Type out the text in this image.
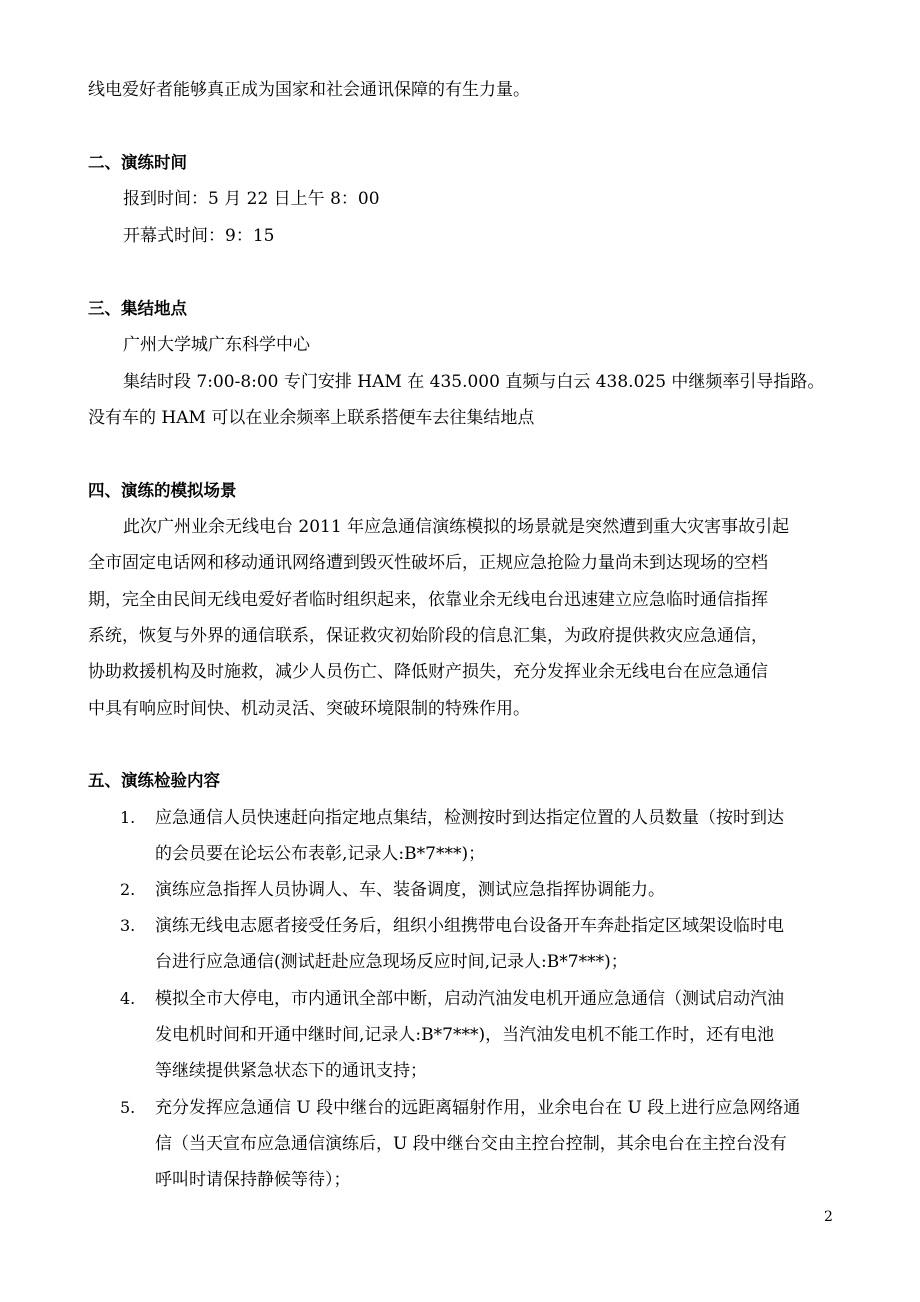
线电爱好者能够真正成为国家和社会通讯保障的有生力量。
二、演练时间
报到时间：5 月 22 日上午 8：00
开幕式时间：9：15
三、集结地点
广州大学城广东科学中心
集结时段 7:00-8:00 专门安排 HAM 在 435.000 直频与白云 438.025 中继频率引导指路。
没有车的 HAM 可以在业余频率上联系搭便车去往集结地点
四、演练的模拟场景
此次广州业余无线电台 2011 年应急通信演练模拟的场景就是突然遭到重大灾害事故引起
全市固定电话网和移动通讯网络遭到毁灭性破坏后，正规应急抢险力量尚未到达现场的空档
期，完全由民间无线电爱好者临时组织起来，依靠业余无线电台迅速建立应急临时通信指挥
系统，恢复与外界的通信联系，保证救灾初始阶段的信息汇集，为政府提供救灾应急通信，
协助救援机构及时施救，减少人员伤亡、降低财产损失，充分发挥业余无线电台在应急通信
中具有响应时间快、机动灵活、突破环境限制的特殊作用。
五、演练检验内容
1. 应急通信人员快速赶向指定地点集结，检测按时到达指定位置的人员数量（按时到达
的会员要在论坛公布表彰,记录人:B*7***)；
2. 演练应急指挥人员协调人、车、装备调度，测试应急指挥协调能力。
3. 演练无线电志愿者接受任务后，组织小组携带电台设备开车奔赴指定区域架设临时电
台进行应急通信(测试赶赴应急现场反应时间,记录人:B*7***)；
4. 模拟全市大停电，市内通讯全部中断，启动汽油发电机开通应急通信（测试启动汽油
发电机时间和开通中继时间,记录人:B*7***)，当汽油发电机不能工作时，还有电池
等继续提供紧急状态下的通讯支持；
5. 充分发挥应急通信 U 段中继台的远距离辐射作用，业余电台在 U 段上进行应急网络通
信（当天宣布应急通信演练后，U 段中继台交由主控台控制，其余电台在主控台没有
呼叫时请保持静候等待）；
2
